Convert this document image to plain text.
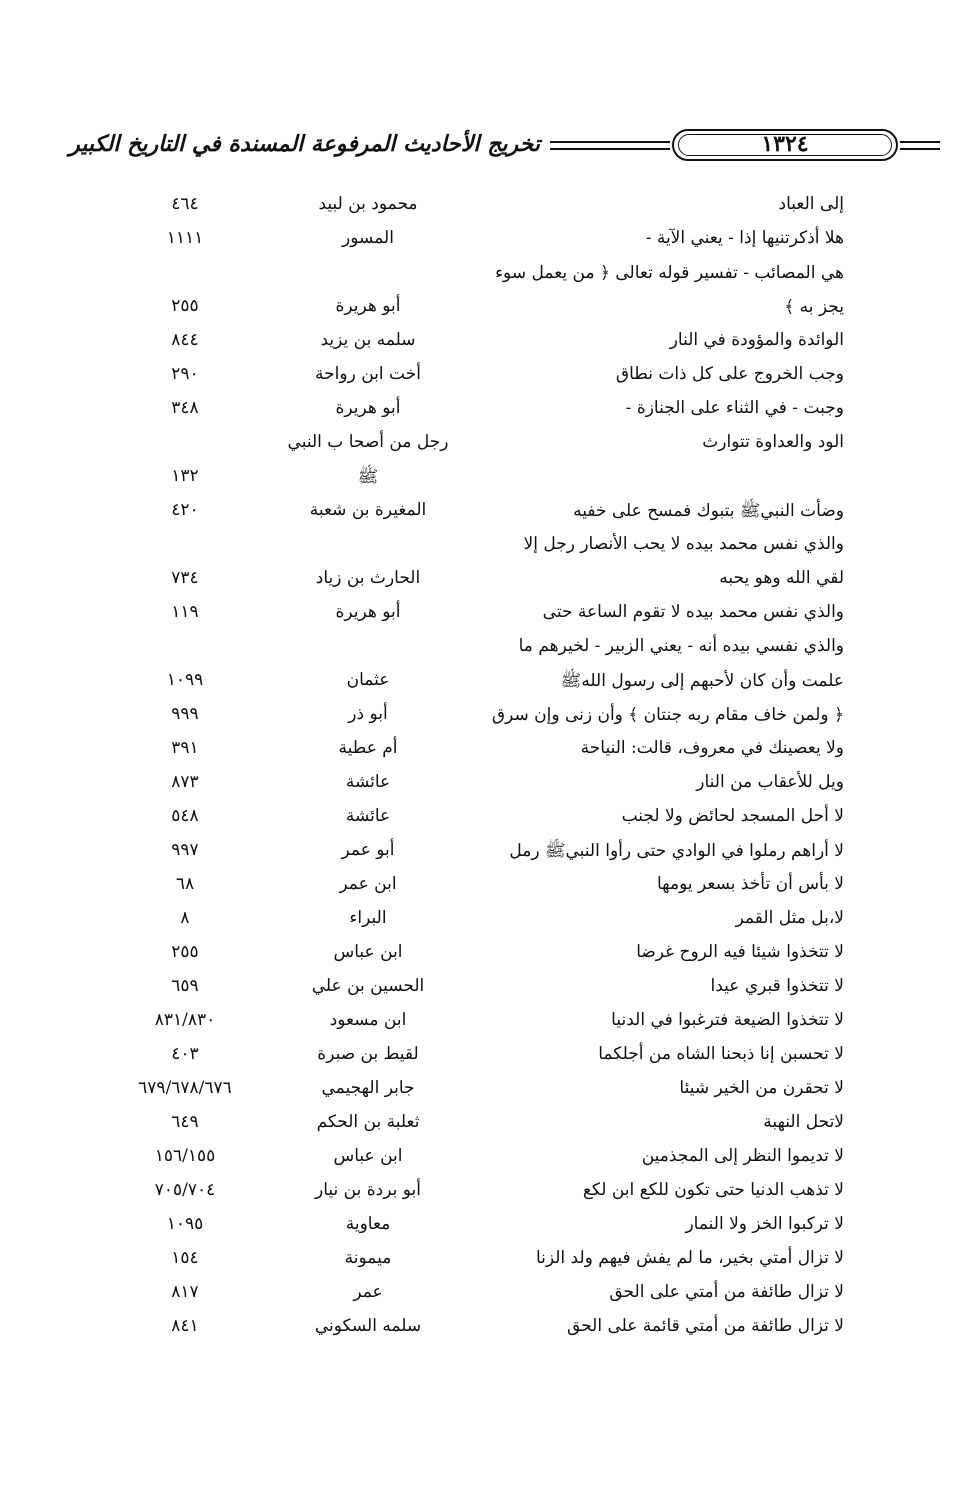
تخريج الأحاديث المرفوعة المسندة في التاريخ الكبير	١٣٢٤
إلى العباد
محمود بن لبيد
٤٦٤
هلا أذكرتنيها إذا - يعني الآية -
المسور
١١١١
هي المصائب - تفسير قوله تعالى ﴿ من يعمل سوء
يجز به ﴾
أبو هريرة
٢٥٥
الوائدة والمؤودة في النار
سلمه بن يزيد
٨٤٤
وجب الخروج على كل ذات نطاق
أخت ابن رواحة
٢٩٠
وجبت - في الثناء على الجنازة -
أبو هريرة
٣٤٨
الود والعداوة تتوارث
رجل من أصحا ب النبي
ﷺ
١٣٢
وضأت النبيﷺ بتبوك فمسح على خفيه
المغيرة بن شعبة
٤٢٠
والذي نفس محمد بيده لا يحب الأنصار رجل إلا
لقي الله وهو يحبه
الحارث بن زياد
٧٣٤
والذي نفس محمد بيده لا تقوم الساعة حتى
أبو هريرة
١١٩
والذي نفسي بيده أنه - يعني الزبير - لخيرهم ما
علمت وأن كان لأحبهم إلى رسول اللهﷺ
عثمان
١٠٩٩
﴿ ولمن خاف مقام ربه جنتان ﴾ وأن زنى وإن سرق
أبو ذر
٩٩٩
ولا يعصينك في معروف، قالت: النياحة
أم عطية
٣٩١
ويل للأعقاب من النار
عائشة
٨٧٣
لا أحل المسجد لحائض ولا لجنب
عائشة
٥٤٨
لا أراهم رملوا في الوادي حتى رأوا النبيﷺ رمل
أبو عمر
٩٩٧
لا بأس أن تأخذ بسعر يومها
ابن عمر
٦٨
لا،بل مثل القمر
البراء
٨
لا تتخذوا شيئا فيه الروح غرضا
ابن عباس
٢٥٥
لا تتخذوا قبري عيدا
الحسين بن علي
٦٥٩
لا تتخذوا الضيعة فترغبوا في الدنيا
ابن مسعود
٨٣١/٨٣٠
لا تحسبن إنا ذبحنا الشاه من أجلكما
لقيط بن صبرة
٤٠٣
لا تحقرن من الخير شيئا
جابر الهجيمي
٦٧٩/٦٧٨/٦٧٦
لاتحل النهبة
ثعلبة بن الحكم
٦٤٩
لا تديموا النظر إلى المجذمين
ابن عباس
١٥٦/١٥٥
لا تذهب الدنيا حتى تكون للكع ابن لكع
أبو بردة بن نيار
٧٠٥/٧٠٤
لا تركبوا الخز ولا النمار
معاوية
١٠٩٥
لا تزال أمتي بخير، ما لم يفش فيهم ولد الزنا
ميمونة
١٥٤
لا تزال طائفة من أمتي على الحق
عمر
٨١٧
لا تزال طائفة من أمتي قائمة على الحق
سلمه السكوني
٨٤١
